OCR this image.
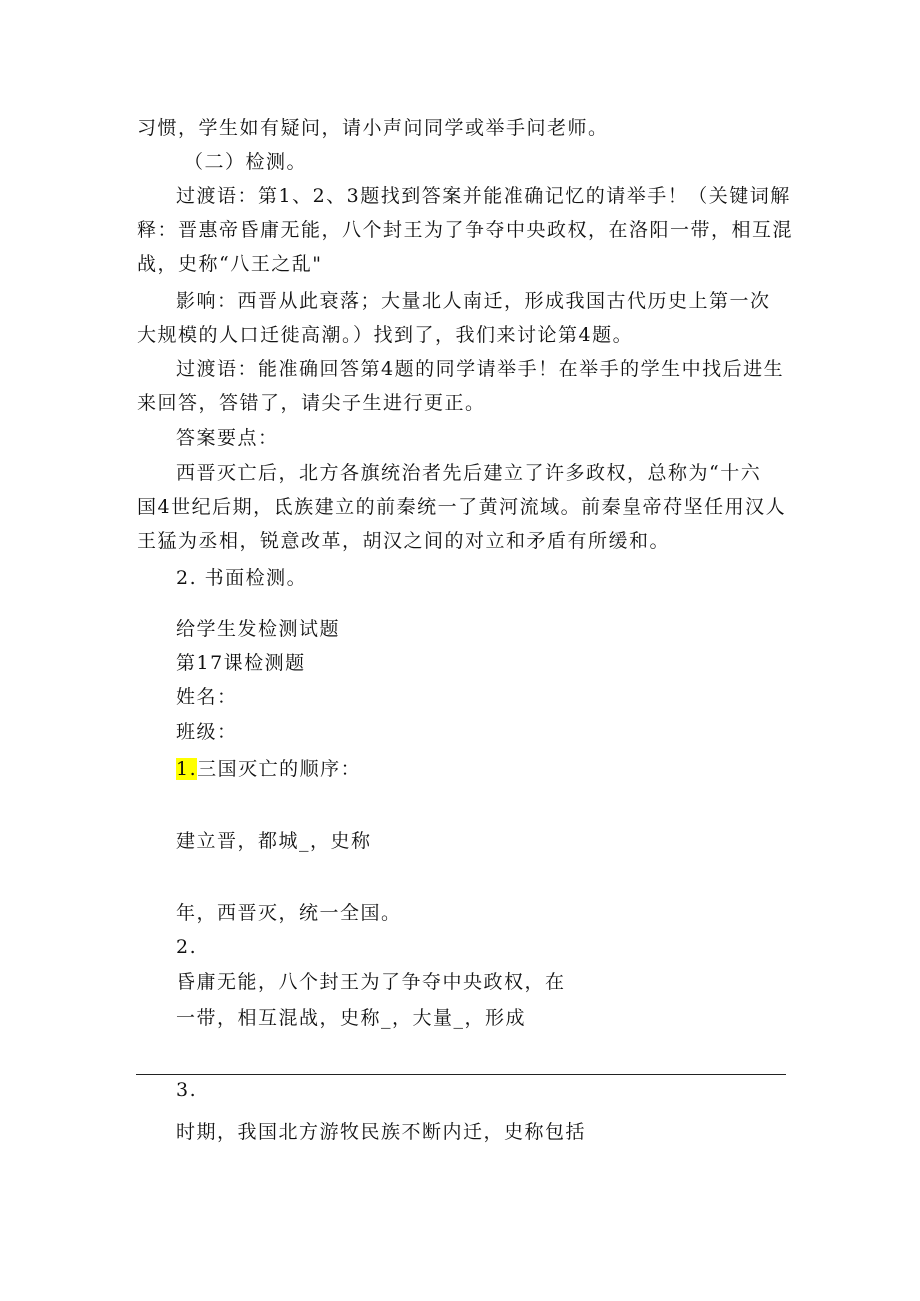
习惯，学生如有疑问，请小声问同学或举手问老师。
（二）检测。
过渡语：第1、2、3题找到答案并能准确记忆的请举手！（关键词解
释：晋惠帝昏庸无能，八个封王为了争夺中央政权，在洛阳一带，相互混
战，史称“八王之乱"
影响：西晋从此衰落；大量北人南迁，形成我国古代历史上第一次
大规模的人口迁徙高潮。）找到了，我们来讨论第4题。
过渡语：能准确回答第4题的同学请举手！在举手的学生中找后进生
来回答，答错了，请尖子生进行更正。
答案要点：
西晋灭亡后，北方各旗统治者先后建立了许多政权，总称为“十六
国4世纪后期，氐族建立的前秦统一了黄河流域。前秦皇帝苻坚任用汉人
王猛为丞相，锐意改革，胡汉之间的对立和矛盾有所缓和。
2. 书面检测。
给学生发检测试题
第17课检测题
姓名：
班级：
1.三国灭亡的顺序：
建立晋，都城_，史称
年，西晋灭，统一全国。
2.
昏庸无能，八个封王为了争夺中央政权，在
一带，相互混战，史称_，大量_，形成
3.
时期，我国北方游牧民族不断内迁，史称包括
